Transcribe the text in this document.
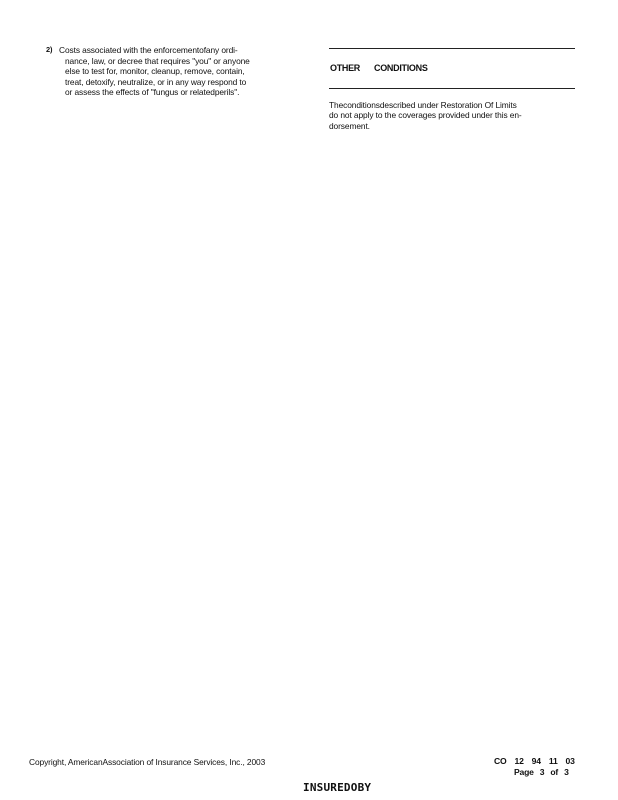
2) Costs associated with the enforcementofany ordi-
nance, law, or decree that requires "you" or anyone
else to test for, monitor, cleanup, remove, contain,
treat, detoxify, neutralize, or in any way respond to
or assess the effects of "fungus or relatedperils".
OTHER CONDITIONS
Theconditionsdescribed under Restoration Of Limits
do not apply to the coverages provided under this en-
dorsement.
Copyright, AmericanAssociation of Insurance Services, Inc., 2003	CO 12 94 11 03
Page 3 of 3
INSUREDOBY
